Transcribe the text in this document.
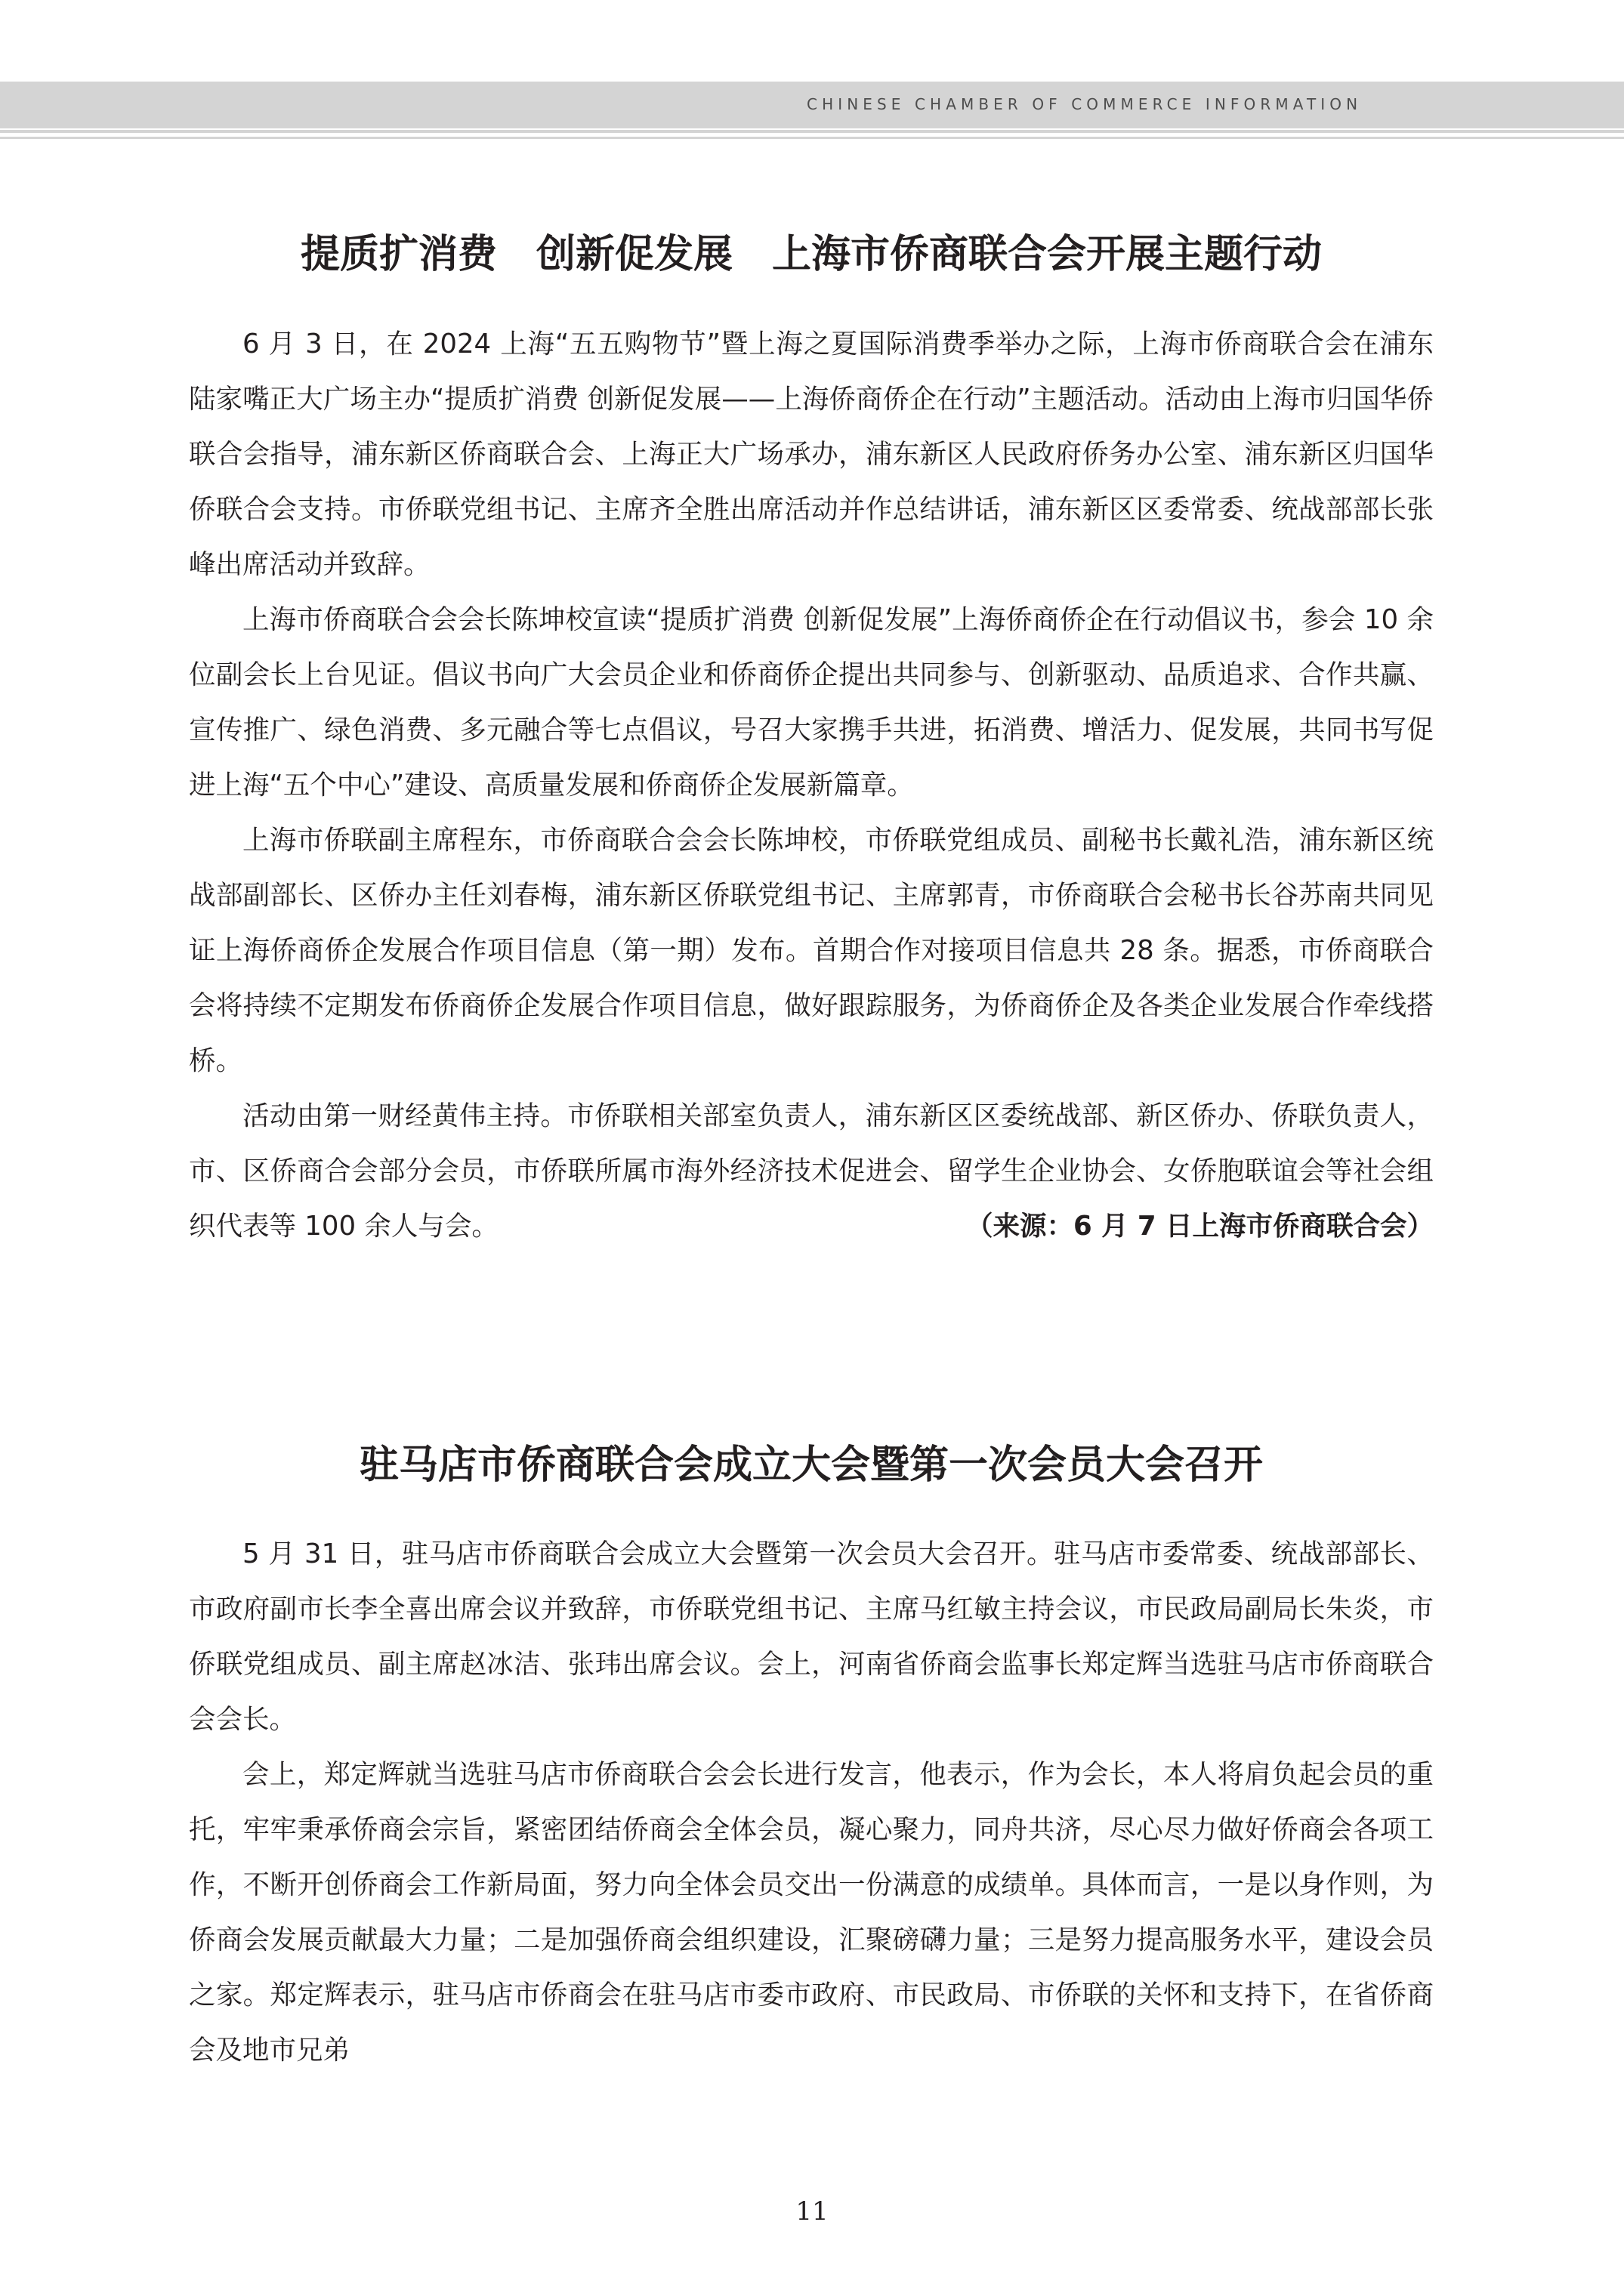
CHINESE CHAMBER OF COMMERCE INFORMATION
提质扩消费　创新促发展　上海市侨商联合会开展主题行动

6 月 3 日，在 2024 上海“五五购物节”暨上海之夏国际消费季举办之际，上海市侨商联合会在浦东陆家嘴正大广场主办“提质扩消费 创新促发展——上海侨商侨企在行动”主题活动。活动由上海市归国华侨联合会指导，浦东新区侨商联合会、上海正大广场承办，浦东新区人民政府侨务办公室、浦东新区归国华侨联合会支持。市侨联党组书记、主席齐全胜出席活动并作总结讲话，浦东新区区委常委、统战部部长张峰出席活动并致辞。

上海市侨商联合会会长陈坤校宣读“提质扩消费 创新促发展”上海侨商侨企在行动倡议书，参会 10 余位副会长上台见证。倡议书向广大会员企业和侨商侨企提出共同参与、创新驱动、品质追求、合作共赢、宣传推广、绿色消费、多元融合等七点倡议，号召大家携手共进，拓消费、增活力、促发展，共同书写促进上海“五个中心”建设、高质量发展和侨商侨企发展新篇章。

上海市侨联副主席程东，市侨商联合会会长陈坤校，市侨联党组成员、副秘书长戴礼浩，浦东新区统战部副部长、区侨办主任刘春梅，浦东新区侨联党组书记、主席郭青，市侨商联合会秘书长谷苏南共同见证上海侨商侨企发展合作项目信息（第一期）发布。首期合作对接项目信息共 28 条。据悉，市侨商联合会将持续不定期发布侨商侨企发展合作项目信息，做好跟踪服务，为侨商侨企及各类企业发展合作牵线搭桥。

活动由第一财经黄伟主持。市侨联相关部室负责人，浦东新区区委统战部、新区侨办、侨联负责人，市、区侨商合会部分会员，市侨联所属市海外经济技术促进会、留学生企业协会、女侨胞联谊会等社会组织代表等 100 余人与会。	（来源：6 月 7 日上海市侨商联合会）

驻马店市侨商联合会成立大会暨第一次会员大会召开

5 月 31 日，驻马店市侨商联合会成立大会暨第一次会员大会召开。驻马店市委常委、统战部部长、市政府副市长李全喜出席会议并致辞，市侨联党组书记、主席马红敏主持会议，市民政局副局长朱炎，市侨联党组成员、副主席赵冰洁、张玮出席会议。会上，河南省侨商会监事长郑定辉当选驻马店市侨商联合会会长。

会上，郑定辉就当选驻马店市侨商联合会会长进行发言，他表示，作为会长，本人将肩负起会员的重托，牢牢秉承侨商会宗旨，紧密团结侨商会全体会员，凝心聚力，同舟共济，尽心尽力做好侨商会各项工作，不断开创侨商会工作新局面，努力向全体会员交出一份满意的成绩单。具体而言，一是以身作则，为侨商会发展贡献最大力量；二是加强侨商会组织建设，汇聚磅礴力量；三是努力提高服务水平，建设会员之家。郑定辉表示，驻马店市侨商会在驻马店市委市政府、市民政局、市侨联的关怀和支持下，在省侨商会及地市兄弟

11
